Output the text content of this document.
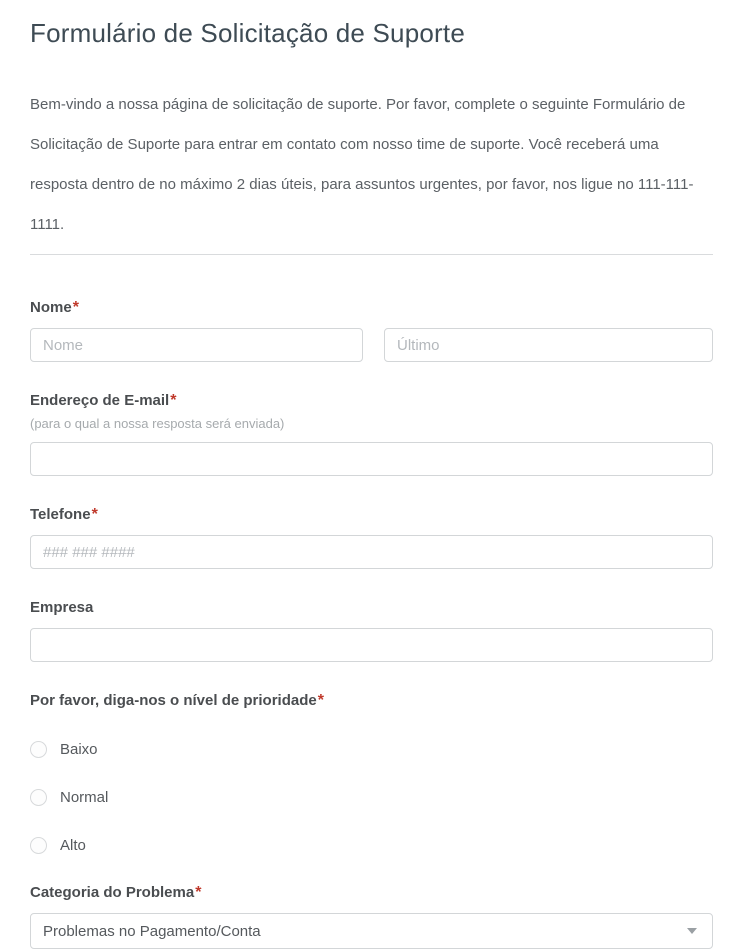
Formulário de Solicitação de Suporte

Bem-vindo a nossa página de solicitação de suporte. Por favor, complete o seguinte Formulário de Solicitação de Suporte para entrar em contato com nosso time de suporte. Você receberá uma resposta dentro de no máximo 2 dias úteis, para assuntos urgentes, por favor, nos ligue no 111-111-1111.

Nome*
Nome
Último
Endereço de E-mail*
(para o qual a nossa resposta será enviada)
Telefone*
### ### ####
Empresa
Por favor, diga-nos o nível de prioridade*
Baixo
Normal
Alto
Categoria do Problema*
Problemas no Pagamento/Conta
